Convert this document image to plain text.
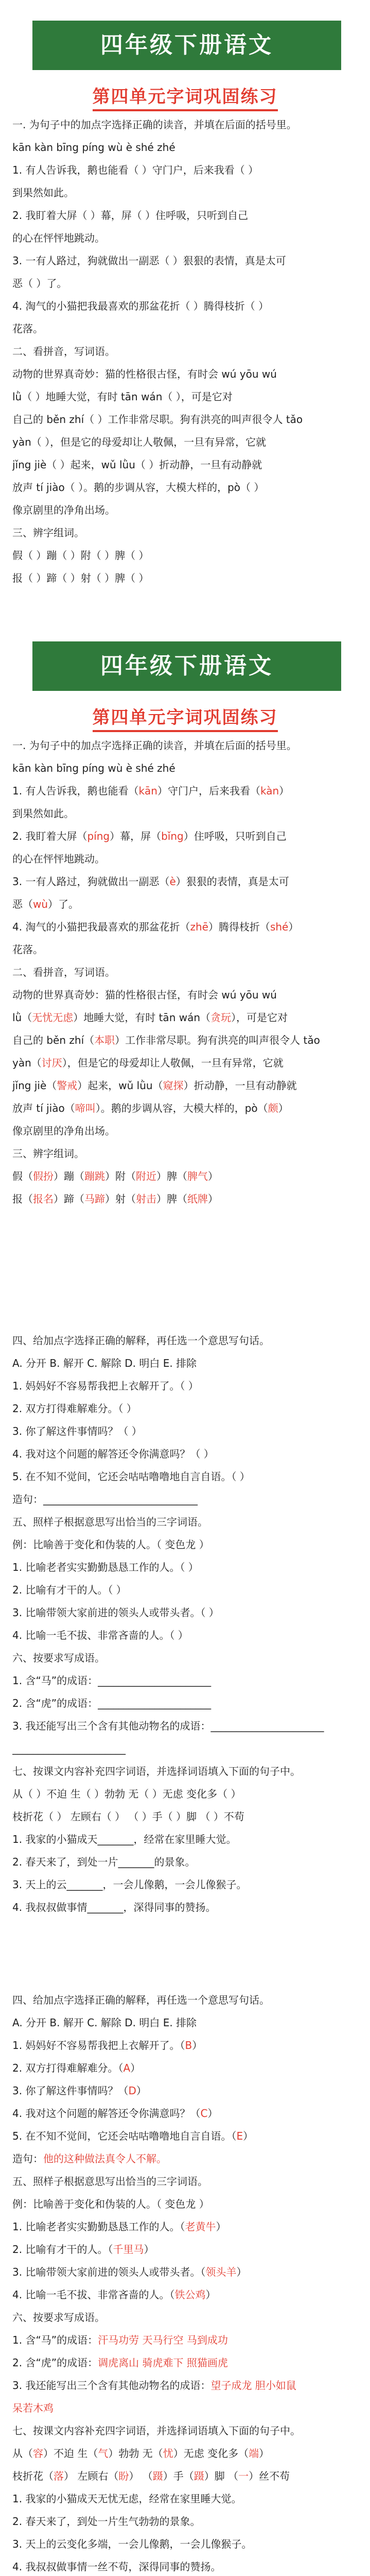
四年级下册语文
第四单元字词巩固练习
一. 为句子中的加点字选择正确的读音，并填在后面的括号里。
kān kàn bīng píng wù è shé zhé
1. 有人告诉我，鹅也能看（ ）守门户，后来我看（ ）
到果然如此。
2. 我盯着大屏（ ）幕，屏（ ）住呼吸，只听到自己
的心在怦怦地跳动。
3. 一有人路过，狗就做出一副恶（ ）狠狠的表情，真是太可
恶（ ）了。
4. 淘气的小猫把我最喜欢的那盆花折（ ）腾得枝折（ ）
花落。
二、看拼音，写词语。
动物的世界真奇妙：猫的性格很古怪，有时会 wú yōu wú
lǜ（ ）地睡大觉，有时 tān wán（ ），可是它对
自己的 běn zhí（ ）工作非常尽职。狗有洪亮的叫声很令人 tǎo
yàn（ ），但是它的母爱却让人敬佩，一旦有异常，它就
jǐng jiè（ ）起来，wǔ lǜu（ ）折动静，一旦有动静就
放声 tí jiào（ ）。鹅的步调从容，大模大样的，pò（ ）
像京剧里的净角出场。
三、辨字组词。
假（ ）蹦（ ）附（ ）脾（ ）
报（ ）蹄（ ）射（ ）脾（ ）
四年级下册语文
第四单元字词巩固练习
一. 为句子中的加点字选择正确的读音，并填在后面的括号里。
kān kàn bīng píng wù è shé zhé
1. 有人告诉我，鹅也能看（kān）守门户，后来我看（kàn）
到果然如此。
2. 我盯着大屏（píng）幕，屏（bǐng）住呼吸，只听到自己
的心在怦怦地跳动。
3. 一有人路过，狗就做出一副恶（è）狠狠的表情，真是太可
恶（wù）了。
4. 淘气的小猫把我最喜欢的那盆花折（zhē）腾得枝折（shé）
花落。
二、看拼音，写词语。
动物的世界真奇妙：猫的性格很古怪，有时会 wú yōu wú
lǜ（无忧无虑）地睡大觉，有时 tān wán（贪玩），可是它对
自己的 běn zhí（本职）工作非常尽职。狗有洪亮的叫声很令人 tǎo
yàn（讨厌），但是它的母爱却让人敬佩，一旦有异常，它就
jǐng jiè（警戒）起来，wǔ lǜu（窥探）折动静，一旦有动静就
放声 tí jiào（啼叫）。鹅的步调从容，大模大样的，pò（颇）
像京剧里的净角出场。
三、辨字组词。
假（假扮）蹦（蹦跳）附（附近）脾（脾气）
报（报名）蹄（马蹄）射（射击）脾（纸牌）
四、给加点字选择正确的解释，再任选一个意思写句话。
A. 分开 B. 解开 C. 解除 D. 明白 E. 排除
1. 妈妈好不容易帮我把上衣解开了。（ ）
2. 双方打得难解难分。（ ）
3. 你了解这件事情吗？（ ）
4. 我对这个问题的解答还令你满意吗？（ ）
5. 在不知不觉间，它还会咕咕噜噜地自言自语。（ ）
造句：______________________________
五、照样子根据意思写出恰当的三字词语。
例：比喻善于变化和伪装的人。（ 变色龙 ）
1. 比喻老者实实勤勤恳恳工作的人。（ ）
2. 比喻有才干的人。（ ）
3. 比喻带领大家前进的领头人或带头者。（ ）
4. 比喻一毛不拔、非常吝啬的人。（ ）
六、按要求写成语。
1. 含“马”的成语：______________________
2. 含“虎”的成语：______________________
3. 我还能写出三个含有其他动物名的成语：______________________
______________________
七、按课文内容补充四字词语，并选择词语填入下面的句子中。
从（ ）不迫 生（ ）勃勃 无（ ）无虑 变化多（ ）
枝折花（ ） 左顾右（ ） （ ）手（ ）脚 （ ）不苟
1. 我家的小猫成天_______，经常在家里睡大觉。
2. 春天来了，到处一片_______的景象。
3. 天上的云_______，一会儿像鹅，一会儿像猴子。
4. 我叔叔做事情_______，深得同事的赞扬。
四、给加点字选择正确的解释，再任选一个意思写句话。
A. 分开 B. 解开 C. 解除 D. 明白 E. 排除
1. 妈妈好不容易帮我把上衣解开了。（B）
2. 双方打得难解难分。（A）
3. 你了解这件事情吗？（D）
4. 我对这个问题的解答还令你满意吗？（C）
5. 在不知不觉间，它还会咕咕噜噜地自言自语。（E）
造句：他的这种做法真令人不解。
五、照样子根据意思写出恰当的三字词语。
例：比喻善于变化和伪装的人。（ 变色龙 ）
1. 比喻老者实实勤勤恳恳工作的人。（老黄牛）
2. 比喻有才干的人。（千里马）
3. 比喻带领大家前进的领头人或带头者。（领头羊）
4. 比喻一毛不拔、非常吝啬的人。（铁公鸡）
六、按要求写成语。
1. 含“马”的成语：汗马功劳 天马行空 马到成功
2. 含“虎”的成语：调虎离山 骑虎难下 照猫画虎
3. 我还能写出三个含有其他动物名的成语：望子成龙 胆小如鼠
呆若木鸡
七、按课文内容补充四字词语，并选择词语填入下面的句子中。
从（容）不迫 生（气）勃勃 无（忧）无虑 变化多（端）
枝折花（落） 左顾右（盼） （蹑）手（蹑）脚 （一）丝不苟
1. 我家的小猫成天无忧无虑，经常在家里睡大觉。
2. 春天来了，到处一片生气勃勃的景象。
3. 天上的云变化多端，一会儿像鹅，一会儿像猴子。
4. 我叔叔做事情一丝不苟，深得同事的赞扬。
